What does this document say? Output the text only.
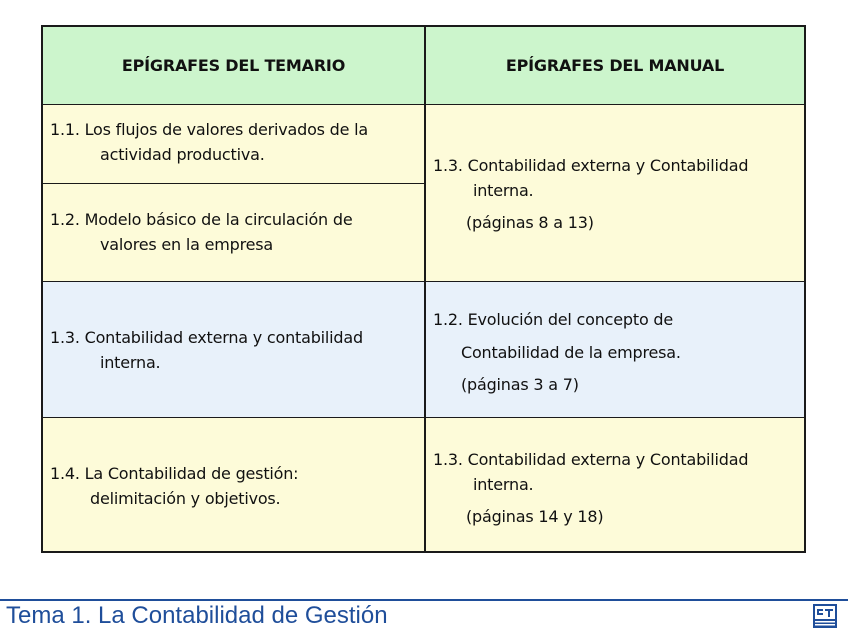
EPÍGRAFES DEL TEMARIO	EPÍGRAFES DEL MANUAL
1.1. Los flujos de valores derivados de la
actividad productiva.
1.2. Modelo básico de la circulación de
valores en la empresa
1.3. Contabilidad externa y Contabilidad
interna.
(páginas 8 a 13)
1.3. Contabilidad externa y contabilidad
interna.
1.2. Evolución del concepto de
Contabilidad de la empresa.
(páginas 3 a 7)
1.4. La Contabilidad de gestión:
delimitación y objetivos.
1.3. Contabilidad externa y Contabilidad
interna.
(páginas 14 y 18)
Tema 1. La Contabilidad de Gestión
